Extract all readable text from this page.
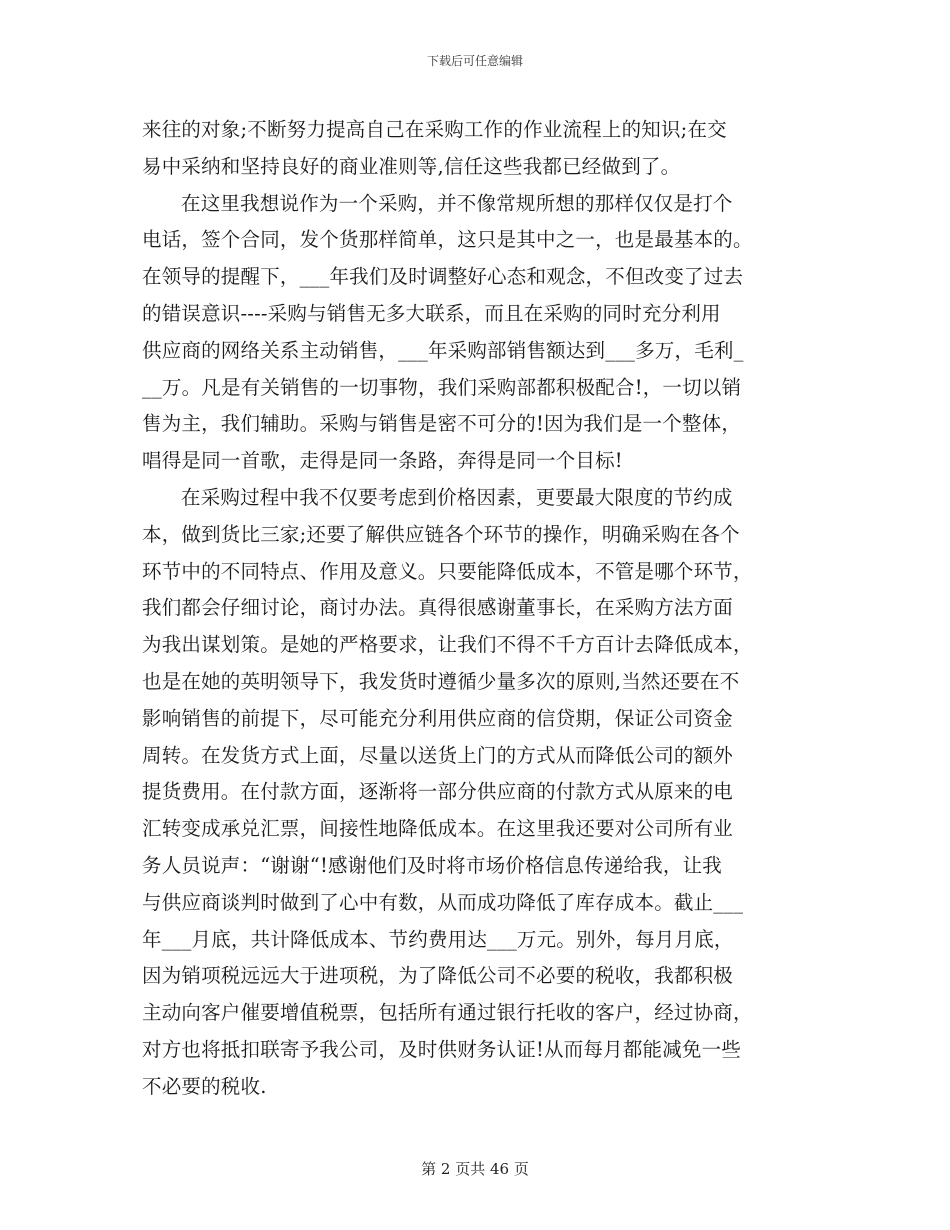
下载后可任意编辑
来往的对象;不断努力提高自己在采购工作的作业流程上的知识;在交
易中采纳和坚持良好的商业准则等,信任这些我都已经做到了。
在这里我想说作为一个采购，并不像常规所想的那样仅仅是打个
电话，签个合同，发个货那样简单，这只是其中之一，也是最基本的。
在领导的提醒下，___年我们及时调整好心态和观念，不但改变了过去
的错误意识----采购与销售无多大联系，而且在采购的同时充分利用
供应商的网络关系主动销售，___年采购部销售额达到___多万，毛利_
__万。凡是有关销售的一切事物，我们采购部都积极配合!，一切以销
售为主，我们辅助。采购与销售是密不可分的!因为我们是一个整体，
唱得是同一首歌，走得是同一条路，奔得是同一个目标!
在采购过程中我不仅要考虑到价格因素，更要最大限度的节约成
本，做到货比三家;还要了解供应链各个环节的操作，明确采购在各个
环节中的不同特点、作用及意义。只要能降低成本，不管是哪个环节，
我们都会仔细讨论，商讨办法。真得很感谢董事长，在采购方法方面
为我出谋划策。是她的严格要求，让我们不得不千方百计去降低成本，
也是在她的英明领导下，我发货时遵循少量多次的原则,当然还要在不
影响销售的前提下，尽可能充分利用供应商的信贷期，保证公司资金
周转。在发货方式上面，尽量以送货上门的方式从而降低公司的额外
提货费用。在付款方面，逐渐将一部分供应商的付款方式从原来的电
汇转变成承兑汇票，间接性地降低成本。在这里我还要对公司所有业
务人员说声：“谢谢“!感谢他们及时将市场价格信息传递给我，让我
与供应商谈判时做到了心中有数，从而成功降低了库存成本。截止___
年___月底，共计降低成本、节约费用达___万元。别外，每月月底，
因为销项税远远大于进项税，为了降低公司不必要的税收，我都积极
主动向客户催要增值税票，包括所有通过银行托收的客户，经过协商，
对方也将抵扣联寄予我公司，及时供财务认证!从而每月都能减免一些
不必要的税收.
第 2 页共 46 页
